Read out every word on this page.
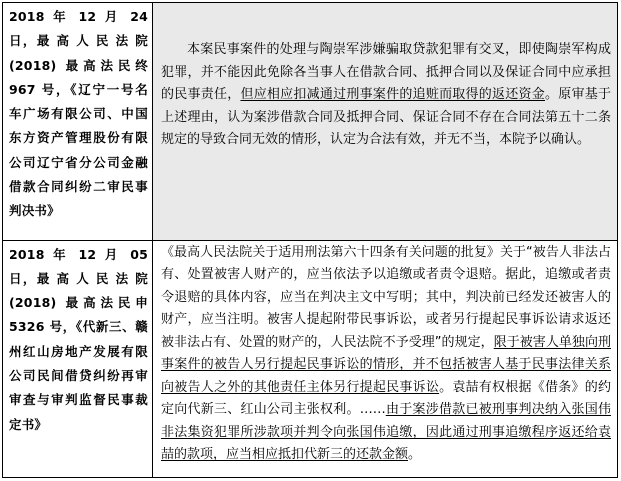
2018 年 12 月 24 日，最 高 人 民 法 院 (2018) 最高法民终 967 号，《辽宁一号名车广场有限公司、中国东方资产管理股份有限公司辽宁省分公司金融借款合同纠纷二审民事判决书》	本案民事案件的处理与陶崇军涉嫌骗取贷款犯罪有交叉，即使陶崇军构成犯罪，并不能因此免除各当事人在借款合同、抵押合同以及保证合同中应承担的民事责任，但应相应扣减通过刑事案件的追赃而取得的返还资金。原审基于上述理由，认为案涉借款合同及抵押合同、保证合同不存在合同法第五十二条规定的导致合同无效的情形，认定为合法有效，并无不当，本院予以确认。
2018 年 12 月 05 日，最 高 人 民 法 院 (2018) 最高法民申 5326 号，《代新三、赣州红山房地产发展有限公司民间借贷纠纷再审审查与审判监督民事裁定书》	《最高人民法院关于适用刑法第六十四条有关问题的批复》关于“被告人非法占有、处置被害人财产的，应当依法予以追缴或者责令退赔。据此，追缴或者责令退赔的具体内容，应当在判决主文中写明；其中，判决前已经发还被害人的财产，应当注明。被害人提起附带民事诉讼，或者另行提起民事诉讼请求返还被非法占有、处置的财产的，人民法院不予受理”的规定，限于被害人单独向刑事案件的被告人另行提起民事诉讼的情形，并不包括被害人基于民事法律关系向被告人之外的其他责任主体另行提起民事诉讼。袁喆有权根据《借条》的约定向代新三、红山公司主张权利。……由于案涉借款已被刑事判决纳入张国伟非法集资犯罪所涉款项并判令向张国伟追缴，因此通过刑事追缴程序返还给袁喆的款项，应当相应抵扣代新三的还款金额。
